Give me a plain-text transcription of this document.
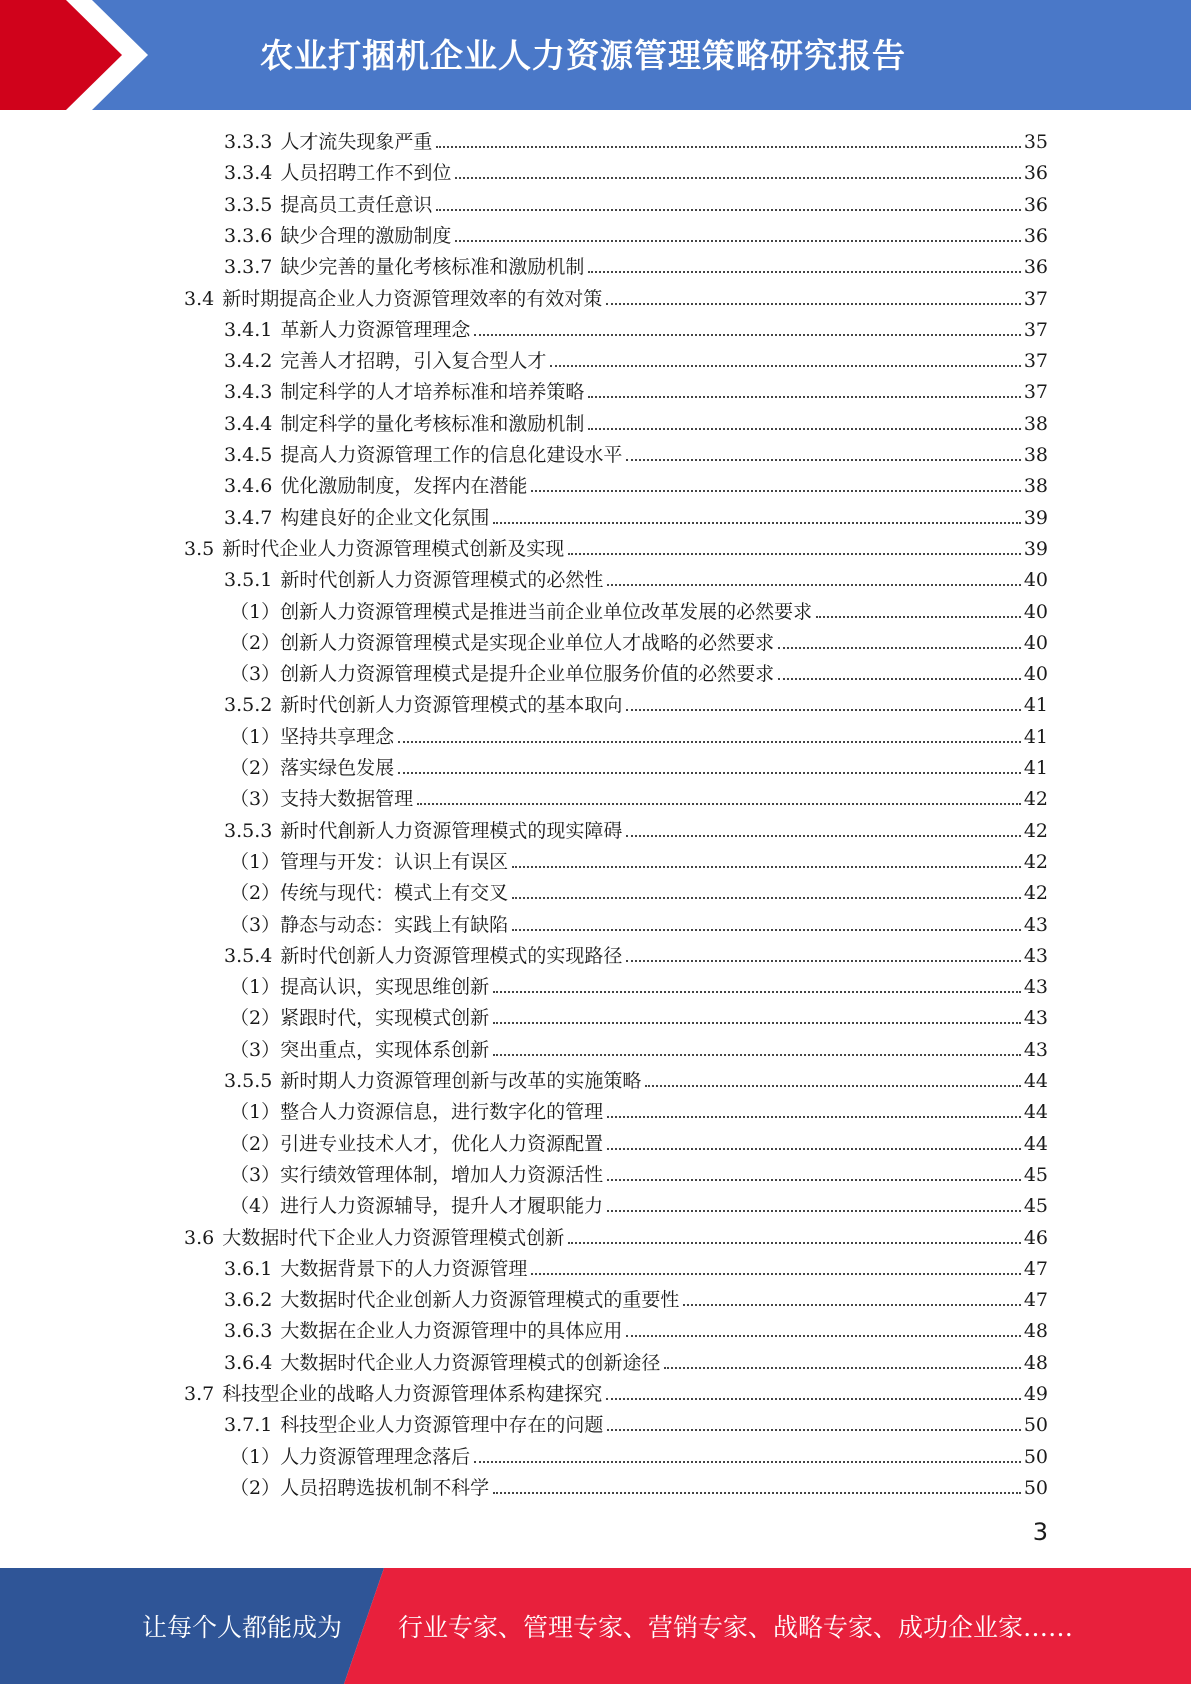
农业打捆机企业人力资源管理策略研究报告
3.3.3 人才流失现象严重	35
3.3.4 人员招聘工作不到位	36
3.3.5 提高员工责任意识	36
3.3.6 缺少合理的激励制度	36
3.3.7 缺少完善的量化考核标准和激励机制	36
3.4 新时期提高企业人力资源管理效率的有效对策	37
3.4.1 革新人力资源管理理念	37
3.4.2 完善人才招聘，引入复合型人才	37
3.4.3 制定科学的人才培养标准和培养策略	37
3.4.4 制定科学的量化考核标准和激励机制	38
3.4.5 提高人力资源管理工作的信息化建设水平	38
3.4.6 优化激励制度，发挥内在潜能	38
3.4.7 构建良好的企业文化氛围	39
3.5 新时代企业人力资源管理模式创新及实现	39
3.5.1 新时代创新人力资源管理模式的必然性	40
（1）创新人力资源管理模式是推进当前企业单位改革发展的必然要求	40
（2）创新人力资源管理模式是实现企业单位人才战略的必然要求	40
（3）创新人力资源管理模式是提升企业单位服务价值的必然要求	40
3.5.2 新时代创新人力资源管理模式的基本取向	41
（1）坚持共享理念	41
（2）落实绿色发展	41
（3）支持大数据管理	42
3.5.3 新时代創新人力资源管理模式的现实障碍	42
（1）管理与开发：认识上有误区	42
（2）传统与现代：模式上有交叉	42
（3）静态与动态：实践上有缺陷	43
3.5.4 新时代创新人力资源管理模式的实现路径	43
（1）提高认识，实现思维创新	43
（2）紧跟时代，实现模式创新	43
（3）突出重点，实现体系创新	43
3.5.5 新时期人力资源管理创新与改革的实施策略	44
（1）整合人力资源信息，进行数字化的管理	44
（2）引进专业技术人才，优化人力资源配置	44
（3）实行绩效管理体制，增加人力资源活性	45
（4）进行人力资源辅导，提升人才履职能力	45
3.6 大数据时代下企业人力资源管理模式创新	46
3.6.1 大数据背景下的人力资源管理	47
3.6.2 大数据时代企业创新人力资源管理模式的重要性	47
3.6.3 大数据在企业人力资源管理中的具体应用	48
3.6.4 大数据时代企业人力资源管理模式的创新途径	48
3.7 科技型企业的战略人力资源管理体系构建探究	49
3.7.1 科技型企业人力资源管理中存在的问题	50
（1）人力资源管理理念落后	50
（2）人员招聘选拔机制不科学	50
3
让每个人都能成为 行业专家、管理专家、营销专家、战略专家、成功企业家……
